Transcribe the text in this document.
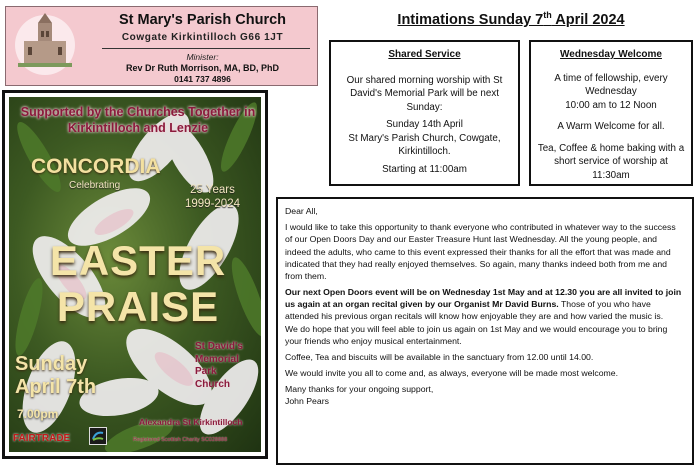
St Mary's Parish Church
Cowgate Kirkintilloch G66 1JT
Minister:
Rev Dr Ruth Morrison, MA, BD, PhD
0141 737 4896
Intimations Sunday 7th April 2024
Shared Service

Our shared morning worship with St David's Memorial Park will be next Sunday:

Sunday 14th April

St Mary's Parish Church, Cowgate, Kirkintilloch.

Starting at 11:00am

Wednesday Welcome

A time of fellowship, every Wednesday

10:00 am to 12 Noon

A Warm Welcome for all.

Tea, Coffee & home baking with a short service of worship at 11:30am

Supported by the Churches Together in Kirkintilloch and Lenzie
CONCORDIA
Celebrating	25 Years
1999-2024
EASTER
PRAISE
Sunday
April 7th
7.00pm
St David's
Memorial
Park
Church
Alexandra St Kirkintilloch
FAIRTRADE	Registered Scottish Charity SC028888

Dear All,

I would like to take this opportunity to thank everyone who contributed in whatever way to the success of our Open Doors Day and our Easter Treasure Hunt last Wednesday. All the young people, and indeed the adults, who came to this event expressed their thanks for all the effort that was made and indicated that they had really enjoyed themselves. So again, many thanks indeed both from me and from them.

Our next Open Doors event will be on Wednesday 1st May and at 12.30 you are all invited to join us again at an organ recital given by our Organist Mr David Burns. Those of you who have attended his previous organ recitals will know how enjoyable they are and how varied the music is.

We do hope that you will feel able to join us again on 1st May and we would encourage you to bring your friends who enjoy musical entertainment.

Coffee, Tea and biscuits will be available in the sanctuary from 12.00 until 14.00.

We would invite you all to come and, as always, everyone will be made most welcome.

Many thanks for your ongoing support,

John Pears
